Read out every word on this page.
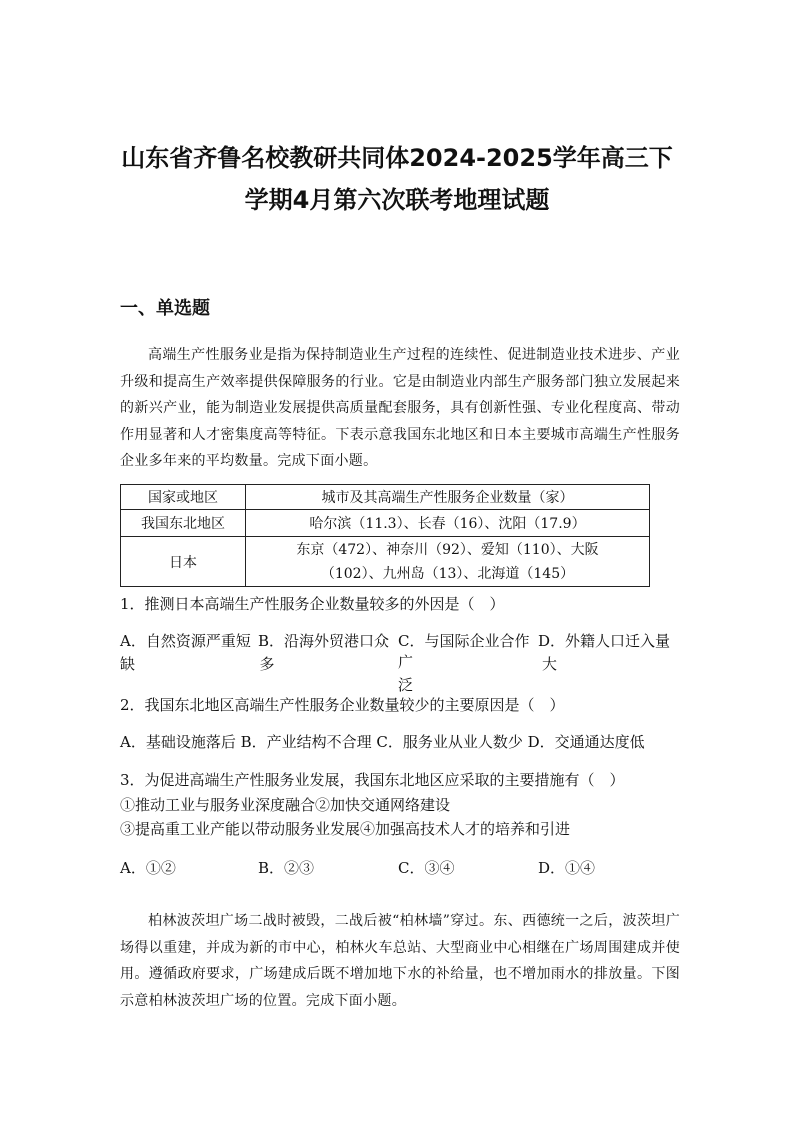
山东省齐鲁名校教研共同体2024-2025学年高三下
学期4月第六次联考地理试题
一、单选题
高端生产性服务业是指为保持制造业生产过程的连续性、促进制造业技术进步、产业升级和提高生产效率提供保障服务的行业。它是由制造业内部生产服务部门独立发展起来的新兴产业，能为制造业发展提供高质量配套服务，具有创新性强、专业化程度高、带动作用显著和人才密集度高等特征。下表示意我国东北地区和日本主要城市高端生产性服务企业多年来的平均数量。完成下面小题。
国家或地区	城市及其高端生产性服务企业数量（家）
我国东北地区	哈尔滨（11.3）、长春（16）、沈阳（17.9）
日本	东京（472）、神奈川（92）、爱知（110）、大阪（102）、九州岛（13）、北海道（145）
1．推测日本高端生产性服务企业数量较多的外因是（　）
A．自然资源严重短
缺
B．沿海外贸港口众
多
C．与国际企业合作广
泛
D．外籍人口迁入量
大
2．我国东北地区高端生产性服务企业数量较少的主要原因是（　）
A．基础设施落后 B．产业结构不合理 C．服务业从业人数少 D．交通通达度低
3．为促进高端生产性服务业发展，我国东北地区应采取的主要措施有（　）
①推动工业与服务业深度融合②加快交通网络建设
③提高重工业产能以带动服务业发展④加强高技术人才的培养和引进
A．①②	B．②③	C．③④	D．①④
柏林波茨坦广场二战时被毁，二战后被“柏林墙”穿过。东、西德统一之后，波茨坦广场得以重建，并成为新的市中心，柏林火车总站、大型商业中心相继在广场周围建成并使用。遵循政府要求，广场建成后既不增加地下水的补给量，也不增加雨水的排放量。下图示意柏林波茨坦广场的位置。完成下面小题。
